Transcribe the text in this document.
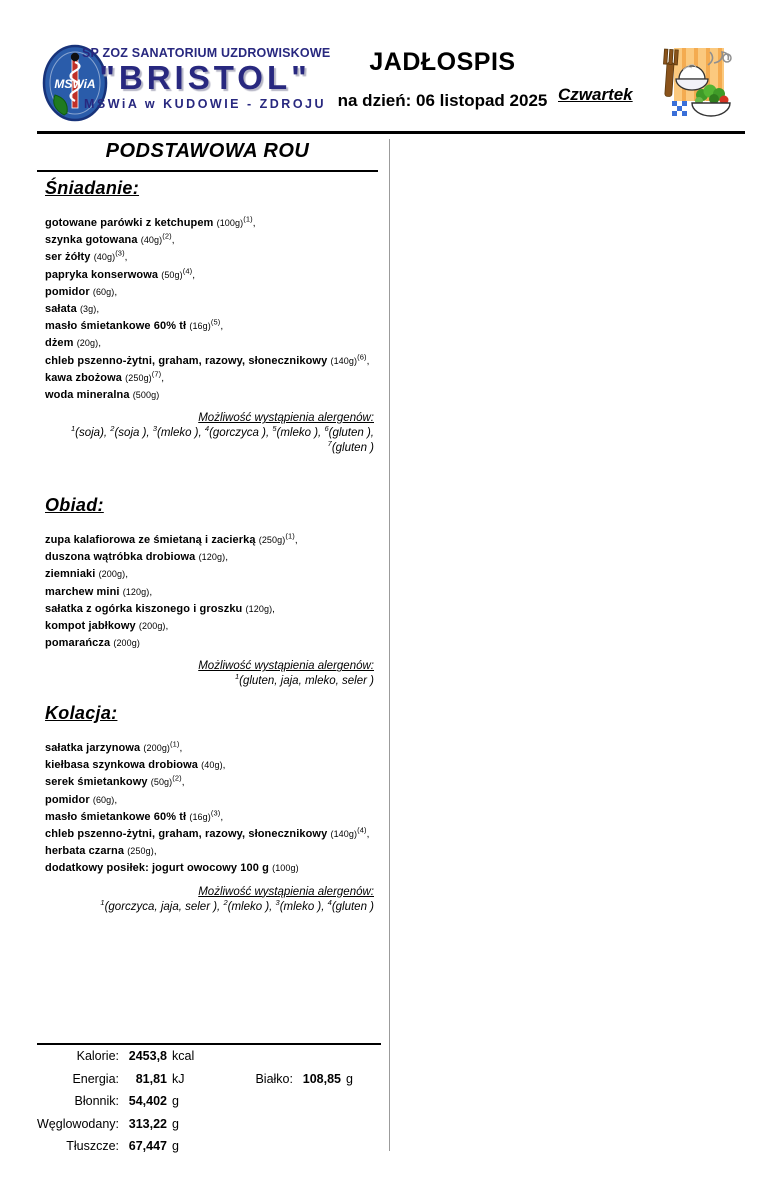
MSWiA
SP ZOZ SANATORIUM UZDROWISKOWE
"BRISTOL"
MSWiA w KUDOWIE - ZDROJU
JADŁOSPIS
na dzień: 06 listopad 2025 Czwartek
PODSTAWOWA ROU
Śniadanie:
gotowane parówki z ketchupem $(100g)^{(1)}$,
szynka gotowana $(40g)^{(2)}$,
ser żółty $(40g)^{(3)}$,
papryka konserwowa $(50g)^{(4)}$,
pomidor (60g),
sałata (3g),
masło śmietankowe 60% tł $(16g)^{(5)}$,
dżem (20g),
chleb pszenno-żytni, graham, razowy, słonecznikowy $(140g)^{(6)}$,
kawa zbożowa $(250g)^{(7)}$,
woda mineralna (500g)
Możliwość wystąpienia alergenów:
$^1$(soja), $^2$(soja ), $^3$(mleko ), $^4$(gorczyca ), $^5$(mleko ), $^6$(gluten ), $^7$(gluten )
Obiad:
zupa kalafiorowa ze śmietaną i zacierką $(250g)^{(1)}$,
duszona wątróbka drobiowa (120g),
ziemniaki (200g),
marchew mini (120g),
sałatka z ogórka kiszonego i groszku (120g),
kompot jabłkowy (200g),
pomarańcza (200g)
Możliwość wystąpienia alergenów:
$^1$(gluten, jaja, mleko, seler )
Kolacja:
sałatka jarzynowa $(200g)^{(1)}$,
kiełbasa szynkowa drobiowa (40g),
serek śmietankowy $(50g)^{(2)}$,
pomidor (60g),
masło śmietankowe 60% tł $(16g)^{(3)}$,
chleb pszenno-żytni, graham, razowy, słonecznikowy $(140g)^{(4)}$,
herbata czarna (250g),
dodatkowy posiłek: jogurt owocowy 100 g (100g)
Możliwość wystąpienia alergenów:
$^1$(gorczyca, jaja, seler ), $^2$(mleko ), $^3$(mleko ), $^4$(gluten )
Kalorie: 2453,8 kcal
Energia:	81,81 kJ	Białko: 108,85 g
Błonnik: 54,402 g
Węglowodany: 313,22 g
Tłuszcze: 67,447 g
